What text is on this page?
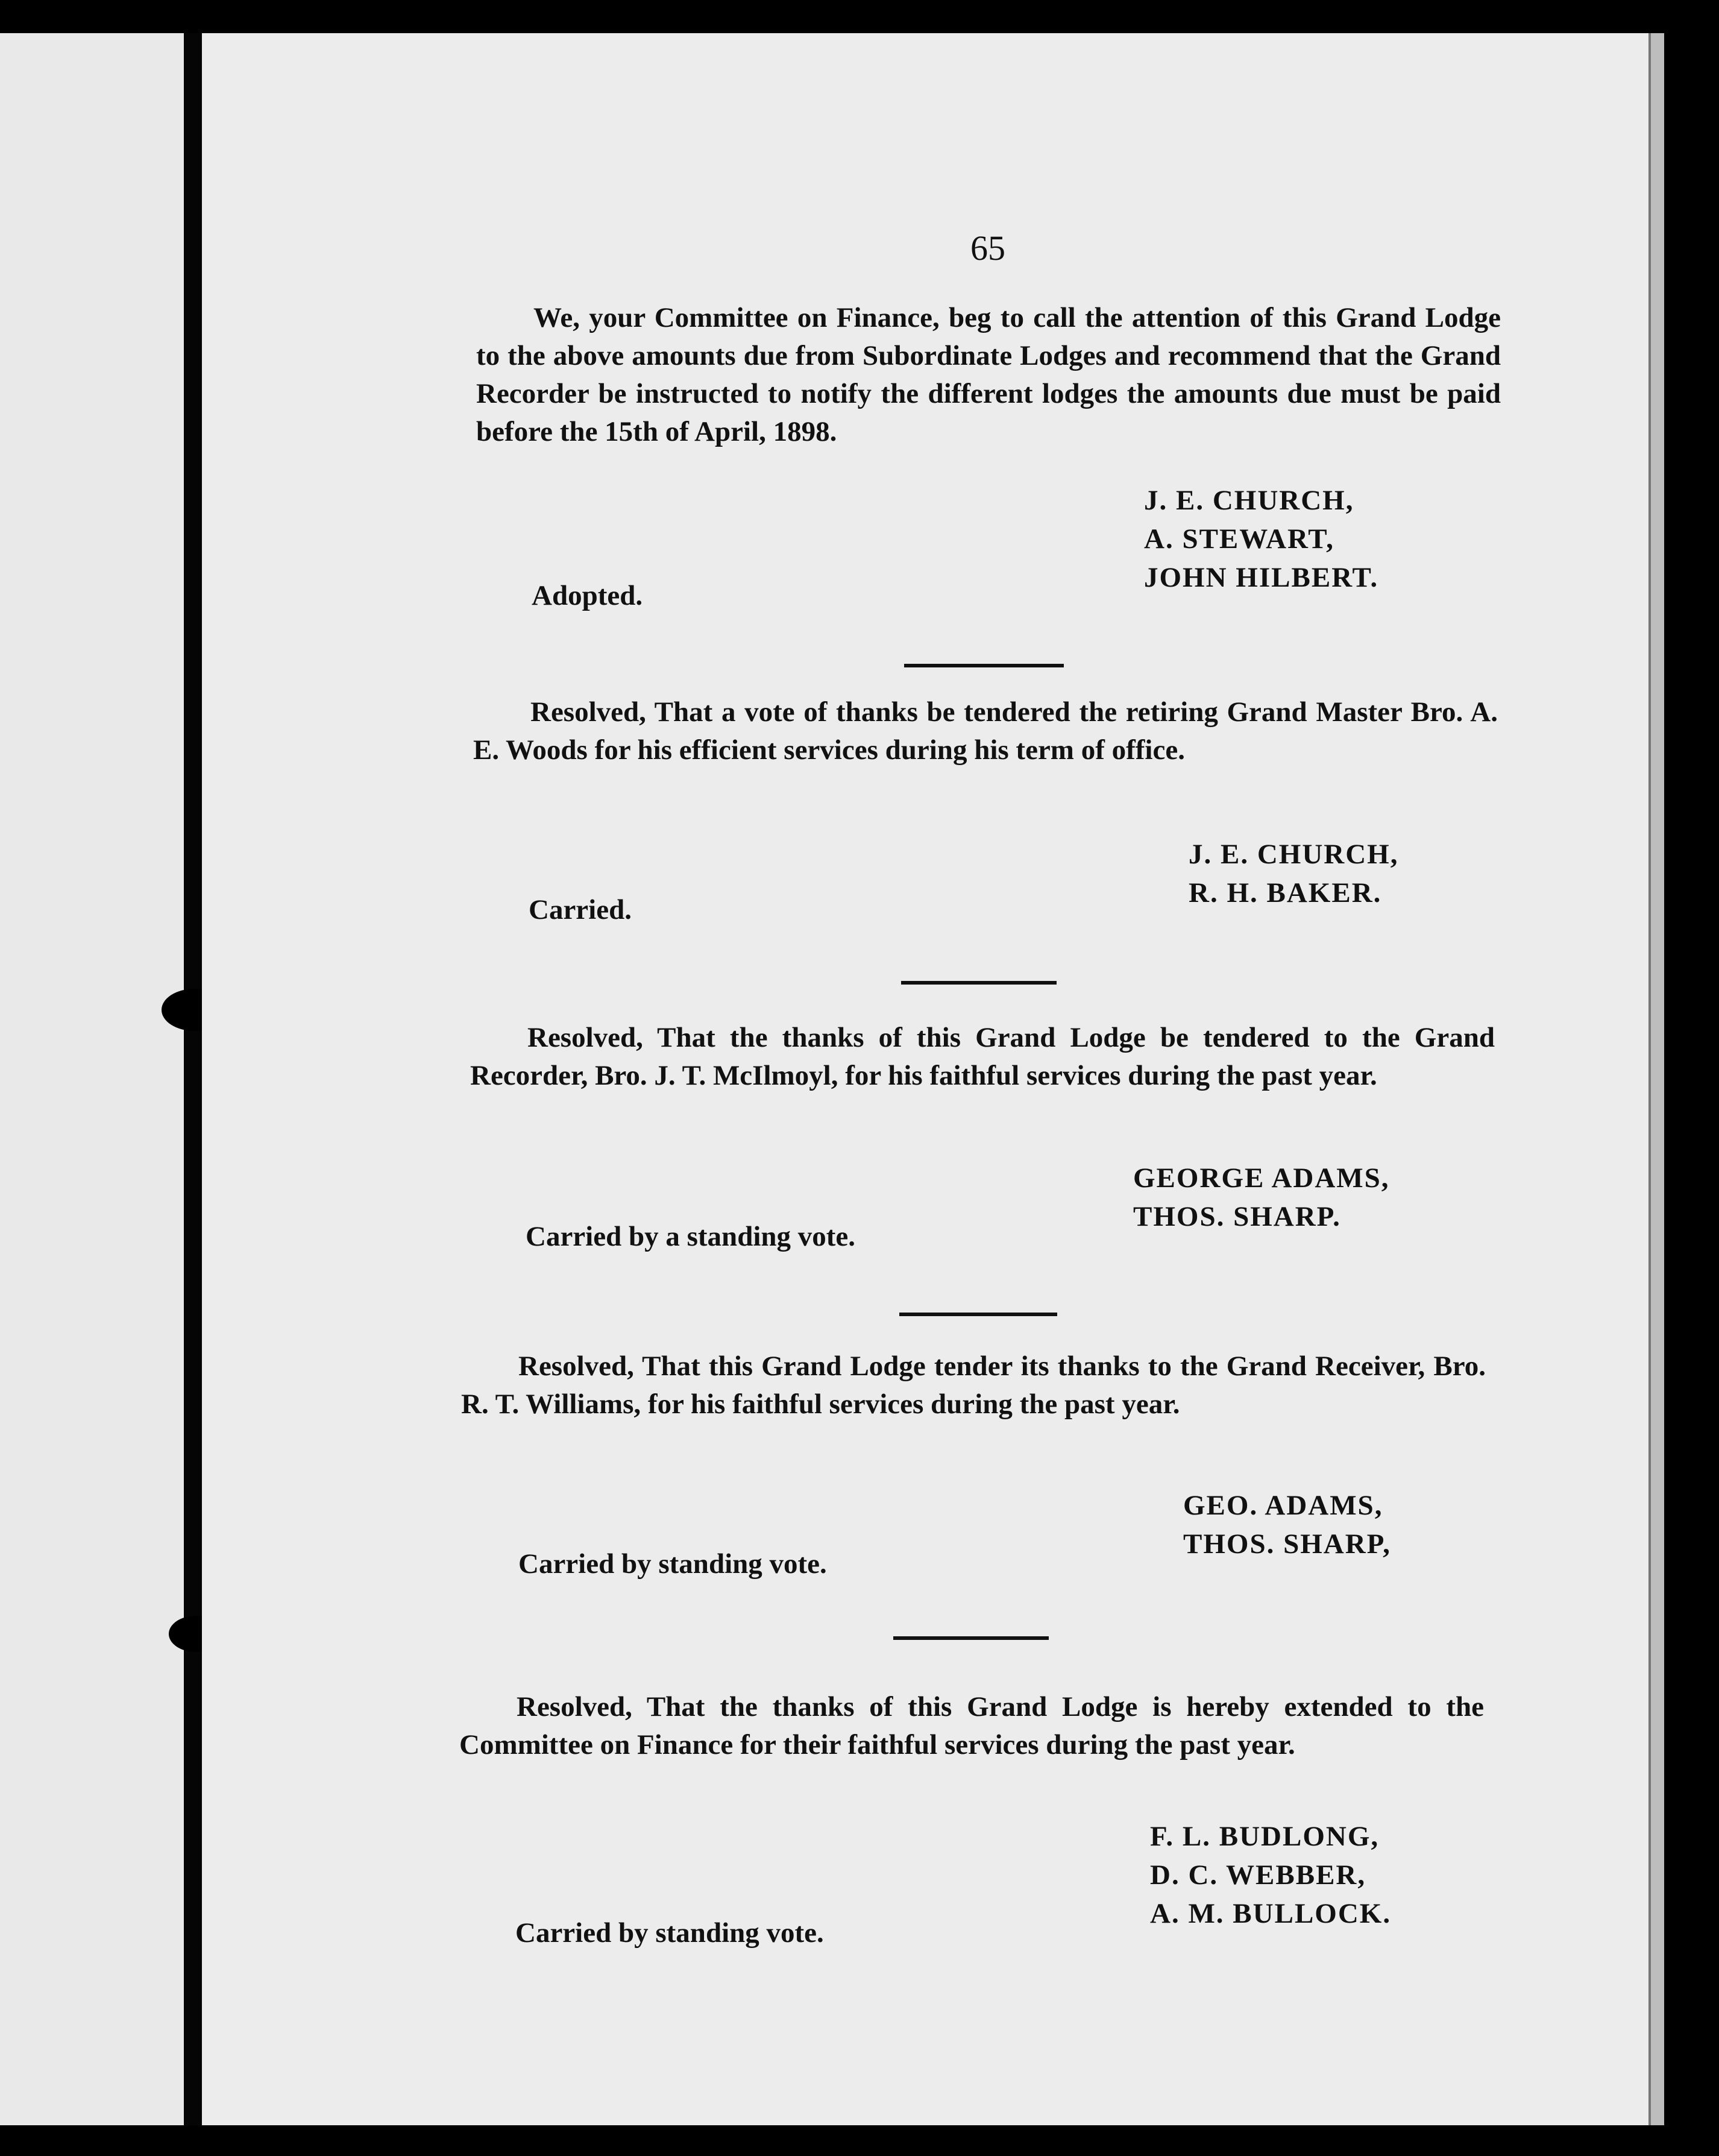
65
We, your Committee on Finance, beg to call the attention of this Grand Lodge to the above amounts due from Subordinate Lodges and recommend that the Grand Recorder be instructed to notify the different lodges the amounts due must be paid before the 15th of April, 1898.
J. E. CHURCH,
A. STEWART,
JOHN HILBERT.
Adopted.
Resolved, That a vote of thanks be tendered the retiring Grand Master Bro. A. E. Woods for his efficient services during his term of office.
J. E. CHURCH,
R. H. BAKER.
Carried.
Resolved, That the thanks of this Grand Lodge be tendered to the Grand Recorder, Bro. J. T. McIlmoyl, for his faithful services during the past year.
GEORGE ADAMS,
THOS. SHARP.
Carried by a standing vote.
Resolved, That this Grand Lodge tender its thanks to the Grand Receiver, Bro. R. T. Williams, for his faithful services during the past year.
GEO. ADAMS,
THOS. SHARP,
Carried by standing vote.
Resolved, That the thanks of this Grand Lodge is hereby extended to the Committee on Finance for their faithful services during the past year.
F. L. BUDLONG,
D. C. WEBBER,
A. M. BULLOCK.
Carried by standing vote.
